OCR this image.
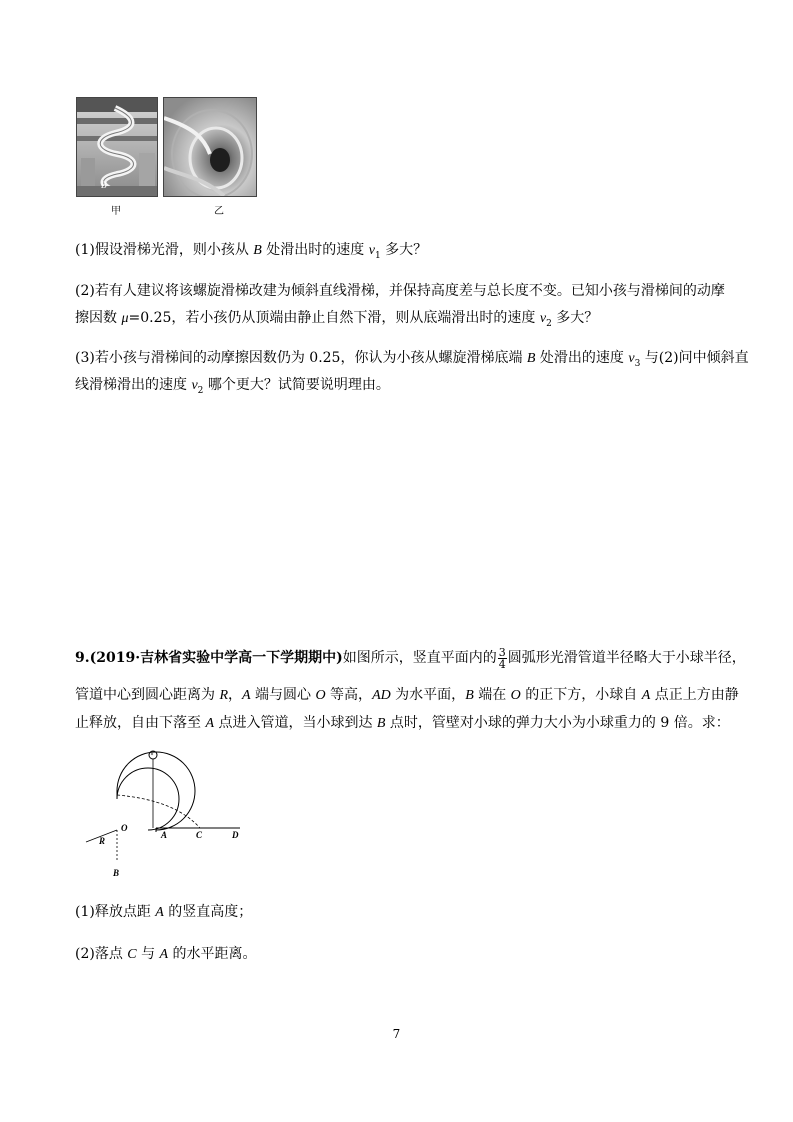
B
甲	乙
(1)假设滑梯光滑，则小孩从 B 处滑出时的速度 $v_1$ 多大？
(2)若有人建议将该螺旋滑梯改建为倾斜直线滑梯，并保持高度差与总长度不变。已知小孩与滑梯间的动摩
擦因数 μ=0.25，若小孩仍从顶端由静止自然下滑，则从底端滑出时的速度 $v_2$ 多大？
(3)若小孩与滑梯间的动摩擦因数仍为 0.25，你认为小孩从螺旋滑梯底端 B 处滑出的速度 $v_3$ 与(2)问中倾斜直
线滑梯滑出的速度 $v_2$ 哪个更大？试简要说明理由。
9.(2019·吉林省实验中学高一下学期期中)如图所示，竖直平面内的 $\frac{3}{4}$ 圆弧形光滑管道半径略大于小球半径，
管道中心到圆心距离为 R，A 端与圆心 O 等高，AD 为水平面，B 端在 O 的正下方，小球自 A 点正上方由静
止释放，自由下落至 A 点进入管道，当小球到达 B 点时，管壁对小球的弹力大小为小球重力的 9 倍。求：
O
R
A	C	D
B
(1)释放点距 A 的竖直高度；
(2)落点 C 与 A 的水平距离。
7
